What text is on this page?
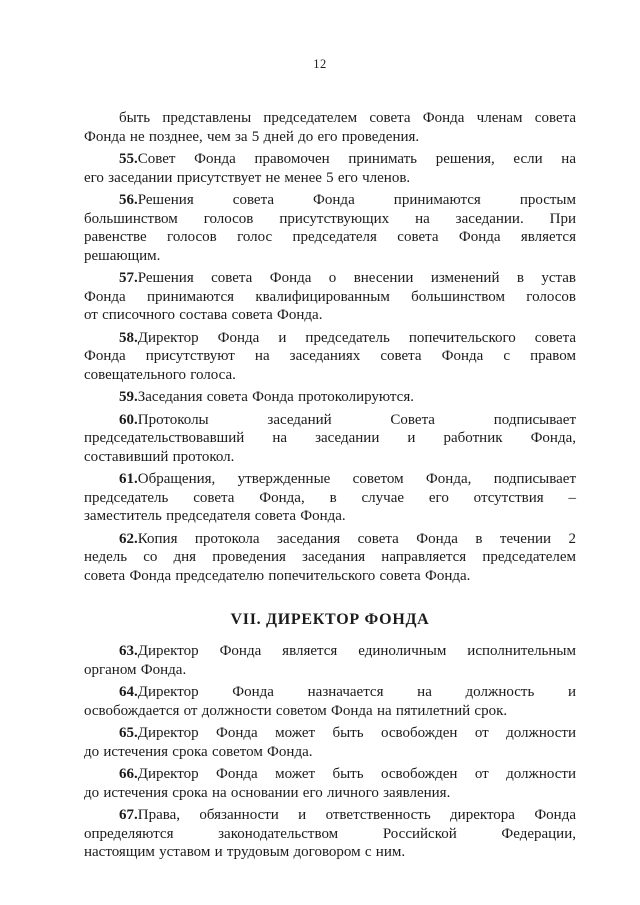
12
быть представлены председателем совета Фонда членам совета
Фонда не позднее, чем за 5 дней до его проведения.
55.Совет Фонда правомочен принимать решения, если на
его заседании присутствует не менее 5 его членов.
56.Решения совета Фонда принимаются простым
большинством голосов присутствующих на заседании. При
равенстве голосов голос председателя совета Фонда является
решающим.
57.Решения совета Фонда о внесении изменений в устав
Фонда принимаются квалифицированным большинством голосов
от списочного состава совета Фонда.
58.Директор Фонда и председатель попечительского совета
Фонда присутствуют на заседаниях совета Фонда с правом
совещательного голоса.
59.Заседания совета Фонда протоколируются.
60.Протоколы заседаний Совета подписывает
председательствовавший на заседании и работник Фонда,
составивший протокол.
61.Обращения, утвержденные советом Фонда, подписывает
председатель совета Фонда, в случае его отсутствия –
заместитель председателя совета Фонда.
62.Копия протокола заседания совета Фонда в течении 2
недель со дня проведения заседания направляется председателем
совета Фонда председателю попечительского совета Фонда.
VII. ДИРЕКТОР ФОНДА
63.Директор Фонда является единоличным исполнительным
органом Фонда.
64.Директор Фонда назначается на должность и
освобождается от должности советом Фонда на пятилетний срок.
65.Директор Фонда может быть освобожден от должности
до истечения срока советом Фонда.
66.Директор Фонда может быть освобожден от должности
до истечения срока на основании его личного заявления.
67.Права, обязанности и ответственность директора Фонда
определяются законодательством Российской Федерации,
настоящим уставом и трудовым договором с ним.
